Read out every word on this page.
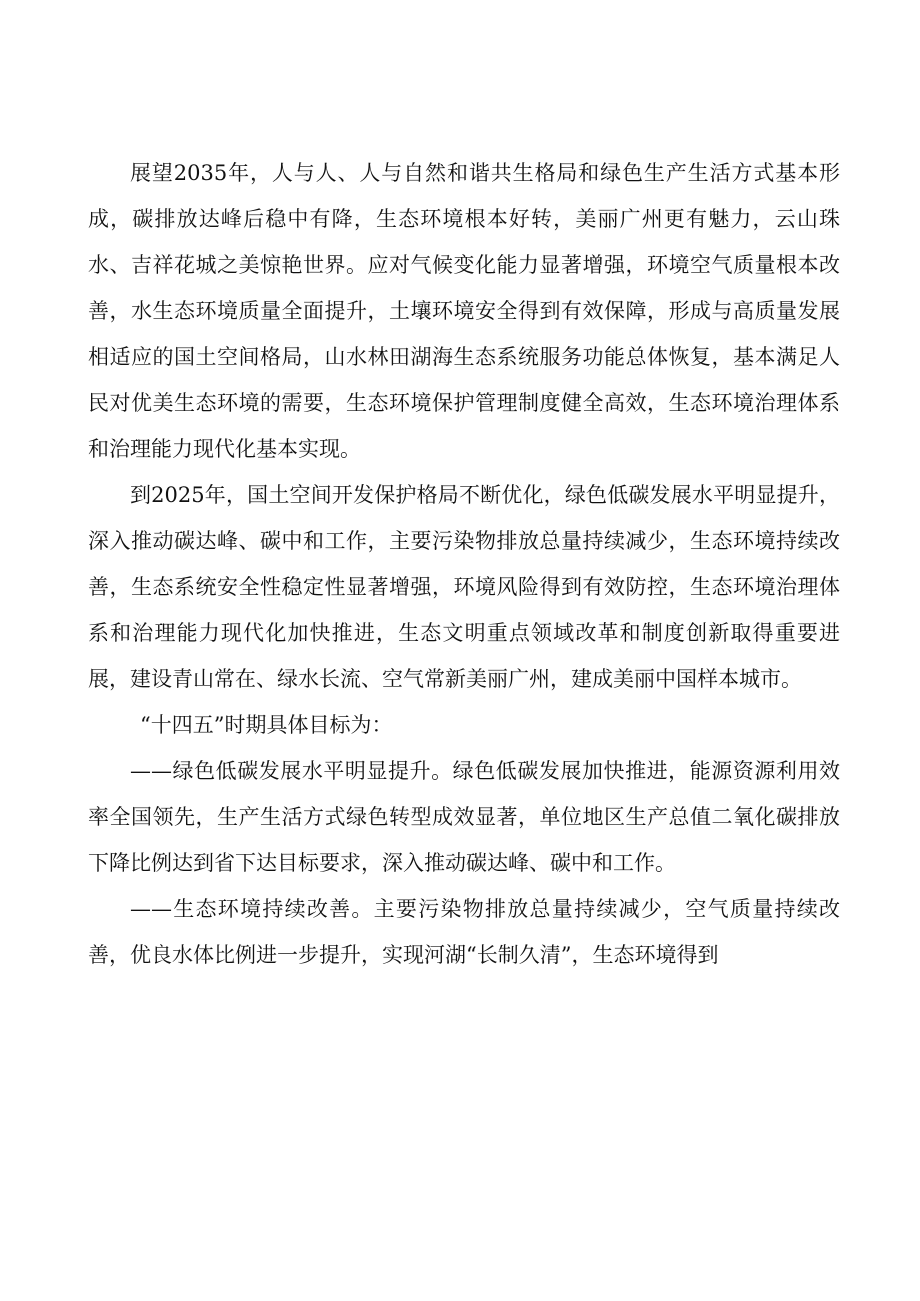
展望2035年，人与人、人与自然和谐共生格局和绿色生产生活方式基本形成，碳排放达峰后稳中有降，生态环境根本好转，美丽广州更有魅力，云山珠水、吉祥花城之美惊艳世界。应对气候变化能力显著增强，环境空气质量根本改善，水生态环境质量全面提升，土壤环境安全得到有效保障，形成与高质量发展相适应的国土空间格局，山水林田湖海生态系统服务功能总体恢复，基本满足人民对优美生态环境的需要，生态环境保护管理制度健全高效，生态环境治理体系和治理能力现代化基本实现。

到2025年，国土空间开发保护格局不断优化，绿色低碳发展水平明显提升，深入推动碳达峰、碳中和工作，主要污染物排放总量持续减少，生态环境持续改善，生态系统安全性稳定性显著增强，环境风险得到有效防控，生态环境治理体系和治理能力现代化加快推进，生态文明重点领域改革和制度创新取得重要进展，建设青山常在、绿水长流、空气常新美丽广州，建成美丽中国样本城市。

“十四五”时期具体目标为：

——绿色低碳发展水平明显提升。绿色低碳发展加快推进，能源资源利用效率全国领先，生产生活方式绿色转型成效显著，单位地区生产总值二氧化碳排放下降比例达到省下达目标要求，深入推动碳达峰、碳中和工作。

——生态环境持续改善。主要污染物排放总量持续减少，空气质量持续改善，优良水体比例进一步提升，实现河湖“长制久清”，生态环境得到
